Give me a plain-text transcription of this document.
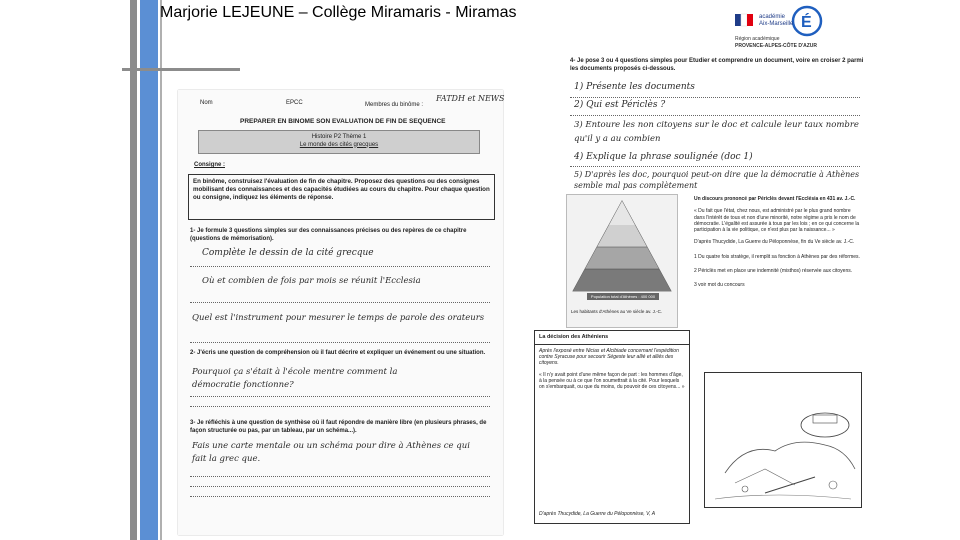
Marjorie LEJEUNE – Collège Miramaris - Miramas
É
académie
Aix-Marseille
Région académique
PROVENCE-ALPES-CÔTE D'AZUR
Nom	EPCC	Membres du binôme :
FATDH et NEWS
PREPARER EN BINOME SON EVALUATION DE FIN DE SEQUENCE
Histoire P2 Thème 1
Le monde des cités grecques
Consigne :
En binôme, construisez l'évaluation de fin de chapitre. Proposez des questions ou des consignes mobilisant des connaissances et des capacités étudiées au cours du chapitre. Pour chaque question ou consigne, indiquez les éléments de réponse.
1- Je formule 3 questions simples sur des connaissances précises ou des repères de ce chapitre (questions de mémorisation).
Complète le dessin de la cité grecque
Où et combien de fois par mois se réunit l'Ecclesia
Quel est l'instrument pour mesurer le temps de parole des orateurs
2- J'écris une question de compréhension où il faut décrire et expliquer un événement ou une situation.
Pourquoi ça s'était à l'école mentre comment la démocratie fonctionne?
3- Je réfléchis à une question de synthèse où il faut répondre de manière libre (en plusieurs phrases, de façon structurée ou pas, par un tableau, par un schéma...).
Fais une carte mentale ou un schéma pour dire à Athènes ce qui fait la grec que.
4- Je pose 3 ou 4 questions simples pour Etudier et comprendre un document, voire en croiser 2 parmi les documents proposés ci-dessous.
1) Présente les documents
2) Qui est Périclès ?
3) Entoure les non citoyens sur le doc et calcule leur taux nombre qu'il y a au combien
4) Explique la phrase soulignée (doc 1)
5) D'après les doc, pourquoi peut-on dire que la démocratie à Athènes semble mal pas complètement
Population total d'Athènes : 400 000
Les habitants d'Athènes au Ve siècle av. J.-C.
Un discours prononcé par Périclès devant l'Ecclésia en 431 av. J.-C.
« Du fait que l'état, chez nous, est administré par le plus grand nombre dans l'intérêt de tous et non d'une minorité, notre régime a pris le nom de démocratie. L'égalité est assurée à tous par les lois ; en ce qui concerne la participation à la vie politique, ce n'est plus par la naissance... »
D'après Thucydide, La Guerre du Péloponnèse, fin du Ve siècle av. J.-C.
1 Du quatre fois stratège, il remplit sa fonction à Athènes par des réformes.
2 Périclès met en place une indemnité (misthos) réservée aux citoyens.
3 voir mot du concours
La décision des Athéniens
Après l'exposé entre Nicias et Alcibiade concernant l'expédition contre Syracuse pour secourir Ségeste leur allié et alliés des citoyens.
« Il n'y avait point d'une même façon de part : les hommes d'âge, à la pensée ou à ce que l'on soumettrait à la cité. Pour lesquels on s'embarquait, ou que du moins, du pouvoir de ces citoyens... »
D'après Thucydide, La Guerre du Péloponnèse, V, A
